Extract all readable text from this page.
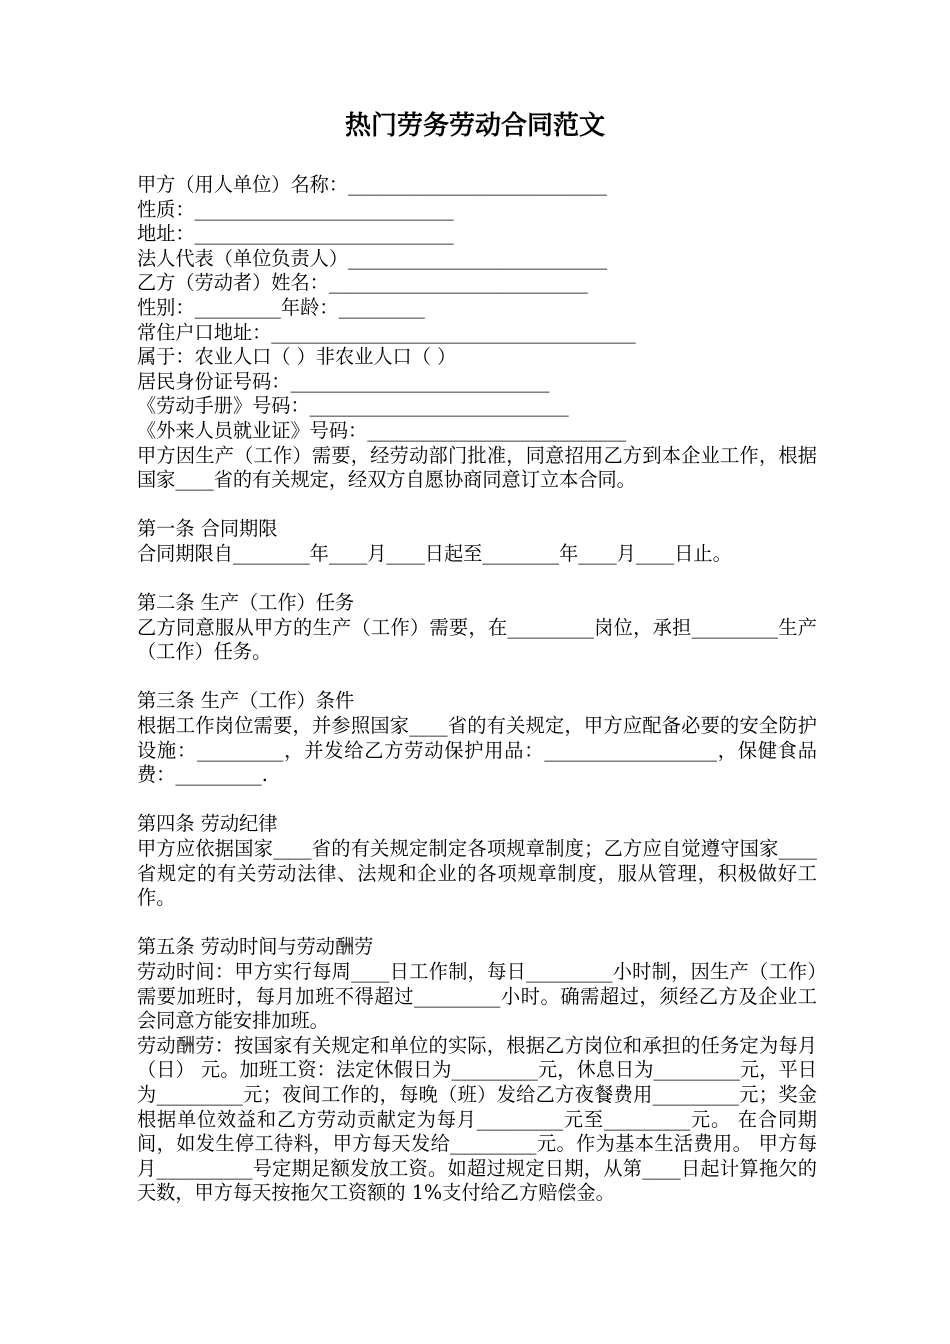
热门劳务劳动合同范文

甲方（用人单位）名称：___________________________

性质：___________________________

地址：___________________________

法人代表（单位负责人）___________________________

乙方（劳动者）姓名：___________________________

性别：_________年龄：_________

常住户口地址：______________________________________

属于：农业人口（ ）非农业人口（ ）

居民身份证号码：___________________________

《劳动手册》号码：___________________________

《外来人员就业证》号码：___________________________

甲方因生产（工作）需要，经劳动部门批准，同意招用乙方到本企业工作，根据国家____省的有关规定，经双方自愿协商同意订立本合同。

第一条 合同期限

合同期限自________年____月____日起至________年____月____日止。

第二条 生产（工作）任务

乙方同意服从甲方的生产（工作）需要，在_________岗位，承担_________生产（工作）任务。

第三条 生产（工作）条件

根据工作岗位需要，并参照国家____省的有关规定，甲方应配备必要的安全防护设施：_________，并发给乙方劳动保护用品：__________________，保健食品费：_________.

第四条 劳动纪律

甲方应依据国家____省的有关规定制定各项规章制度；乙方应自觉遵守国家____省规定的有关劳动法律、法规和企业的各项规章制度，服从管理，积极做好工作。

第五条 劳动时间与劳动酬劳

劳动时间：甲方实行每周____日工作制，每日_________小时制，因生产（工作）需要加班时，每月加班不得超过_________小时。确需超过，须经乙方及企业工会同意方能安排加班。

劳动酬劳：按国家有关规定和单位的实际，根据乙方岗位和承担的任务定为每月（日） 元。加班工资：法定休假日为_________元，休息日为_________元，平日为_________元；夜间工作的，每晚（班）发给乙方夜餐费用_________元；奖金根据单位效益和乙方劳动贡献定为每月_________元至_________元。 在合同期间，如发生停工待料，甲方每天发给_________元。作为基本生活费用。 甲方每月__________号定期足额发放工资。如超过规定日期，从第____日起计算拖欠的天数，甲方每天按拖欠工资额的 1%支付给乙方赔偿金。
